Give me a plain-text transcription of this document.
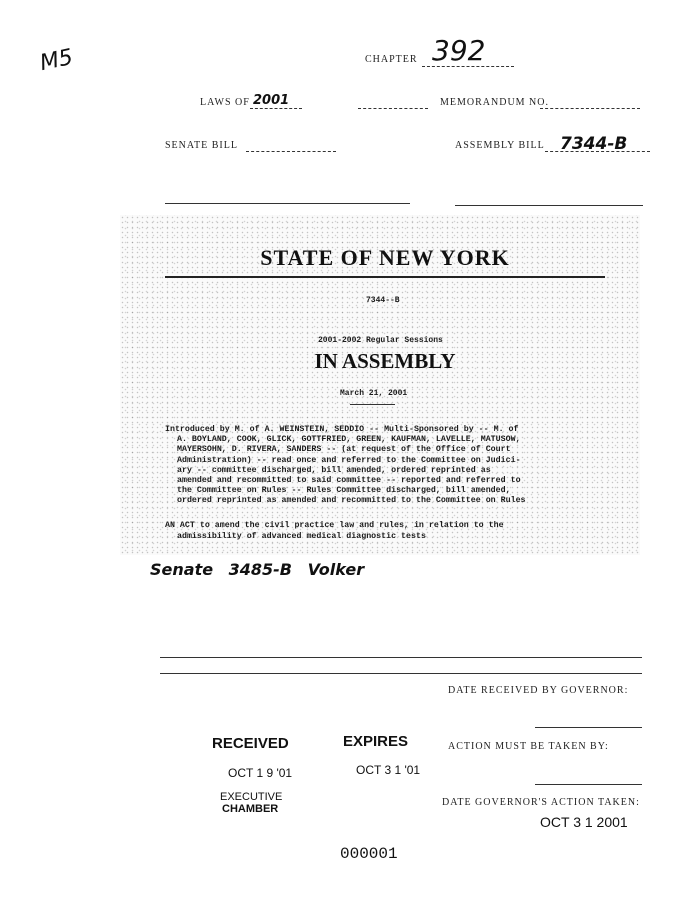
M5	CHAPTER 392
LAWS OF 2001	MEMORANDUM NO.
SENATE BILL	ASSEMBLY BILL 7344-B
STATE OF NEW YORK
7344--B
2001-2002 Regular Sessions
IN ASSEMBLY
March 21, 2001
Introduced by M. of A. WEINSTEIN, SEDDIO -- Multi-Sponsored by -- M. of
A. BOYLAND, COOK, GLICK, GOTTFRIED, GREEN, KAUFMAN, LAVELLE, MATUSOW,
MAYERSOHN, D. RIVERA, SANDERS -- (at request of the Office of Court
Administration) -- read once and referred to the Committee on Judici-
ary -- committee discharged, bill amended, ordered reprinted as
amended and recommitted to said committee -- reported and referred to
the Committee on Rules -- Rules Committee discharged, bill amended,
ordered reprinted as amended and recommitted to the Committee on Rules
AN ACT to amend the civil practice law and rules, in relation to the
admissibility of advanced medical diagnostic tests
Senate 3485-B Volker
DATE RECEIVED BY GOVERNOR:
ACTION MUST BE TAKEN BY:
DATE GOVERNOR'S ACTION TAKEN:
OCT 3 1 2001
RECEIVED
OCT 1 9 '01
EXECUTIVE
CHAMBER
EXPIRES
OCT 3 1 '01
000001
